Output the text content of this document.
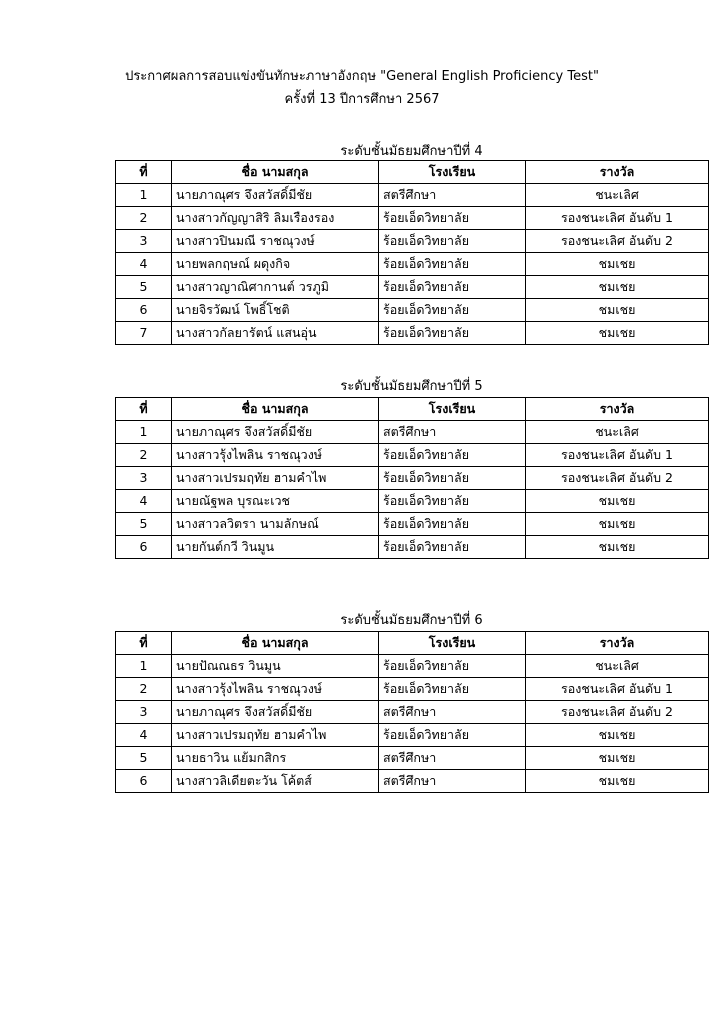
ประกาศผลการสอบแข่งขันทักษะภาษาอังกฤษ "General English Proficiency Test"
ครั้งที่ 13 ปีการศึกษา 2567
ระดับชั้นมัธยมศึกษาปีที่ 4
ที่	ชื่อ นามสกุล	โรงเรียน	รางวัล
1	นายภาณุศร จึงสวัสดิ์มีชัย	สตรีศึกษา	ชนะเลิศ
2	นางสาวกัญญาสิริ ลิมเรืองรอง	ร้อยเอ็ดวิทยาลัย	รองชนะเลิศ อันดับ 1
3	นางสาวปินมณี ราชณุวงษ์	ร้อยเอ็ดวิทยาลัย	รองชนะเลิศ อันดับ 2
4	นายพลกฤษณ์ ผดุงกิจ	ร้อยเอ็ดวิทยาลัย	ชมเชย
5	นางสาวญาณิศากานต์ วรภูมิ	ร้อยเอ็ดวิทยาลัย	ชมเชย
6	นายจิรวัฒน์ โพธิ์โชติ	ร้อยเอ็ดวิทยาลัย	ชมเชย
7	นางสาวกัลยารัตน์ แสนอุ่น	ร้อยเอ็ดวิทยาลัย	ชมเชย
ระดับชั้นมัธยมศึกษาปีที่ 5
ที่	ชื่อ นามสกุล	โรงเรียน	รางวัล
1	นายภาณุศร จึงสวัสดิ์มีชัย	สตรีศึกษา	ชนะเลิศ
2	นางสาวรุ้งไพลิน ราชณุวงษ์	ร้อยเอ็ดวิทยาลัย	รองชนะเลิศ อันดับ 1
3	นางสาวเปรมฤทัย ฮามคำไพ	ร้อยเอ็ดวิทยาลัย	รองชนะเลิศ อันดับ 2
4	นายณัฐพล บุรณะเวช	ร้อยเอ็ดวิทยาลัย	ชมเชย
5	นางสาวลวิตรา นามลักษณ์	ร้อยเอ็ดวิทยาลัย	ชมเชย
6	นายกันต์กวี วินมูน	ร้อยเอ็ดวิทยาลัย	ชมเชย
ระดับชั้นมัธยมศึกษาปีที่ 6
ที่	ชื่อ นามสกุล	โรงเรียน	รางวัล
1	นายปัณณธร วินมูน	ร้อยเอ็ดวิทยาลัย	ชนะเลิศ
2	นางสาวรุ้งไพลิน ราชณุวงษ์	ร้อยเอ็ดวิทยาลัย	รองชนะเลิศ อันดับ 1
3	นายภาณุศร จึงสวัสดิ์มีชัย	สตรีศึกษา	รองชนะเลิศ อันดับ 2
4	นางสาวเปรมฤทัย ฮามคำไพ	ร้อยเอ็ดวิทยาลัย	ชมเชย
5	นายธาวิน แย้มกสิกร	สตรีศึกษา	ชมเชย
6	นางสาวลิเดียตะวัน โค้ตส์	สตรีศึกษา	ชมเชย
